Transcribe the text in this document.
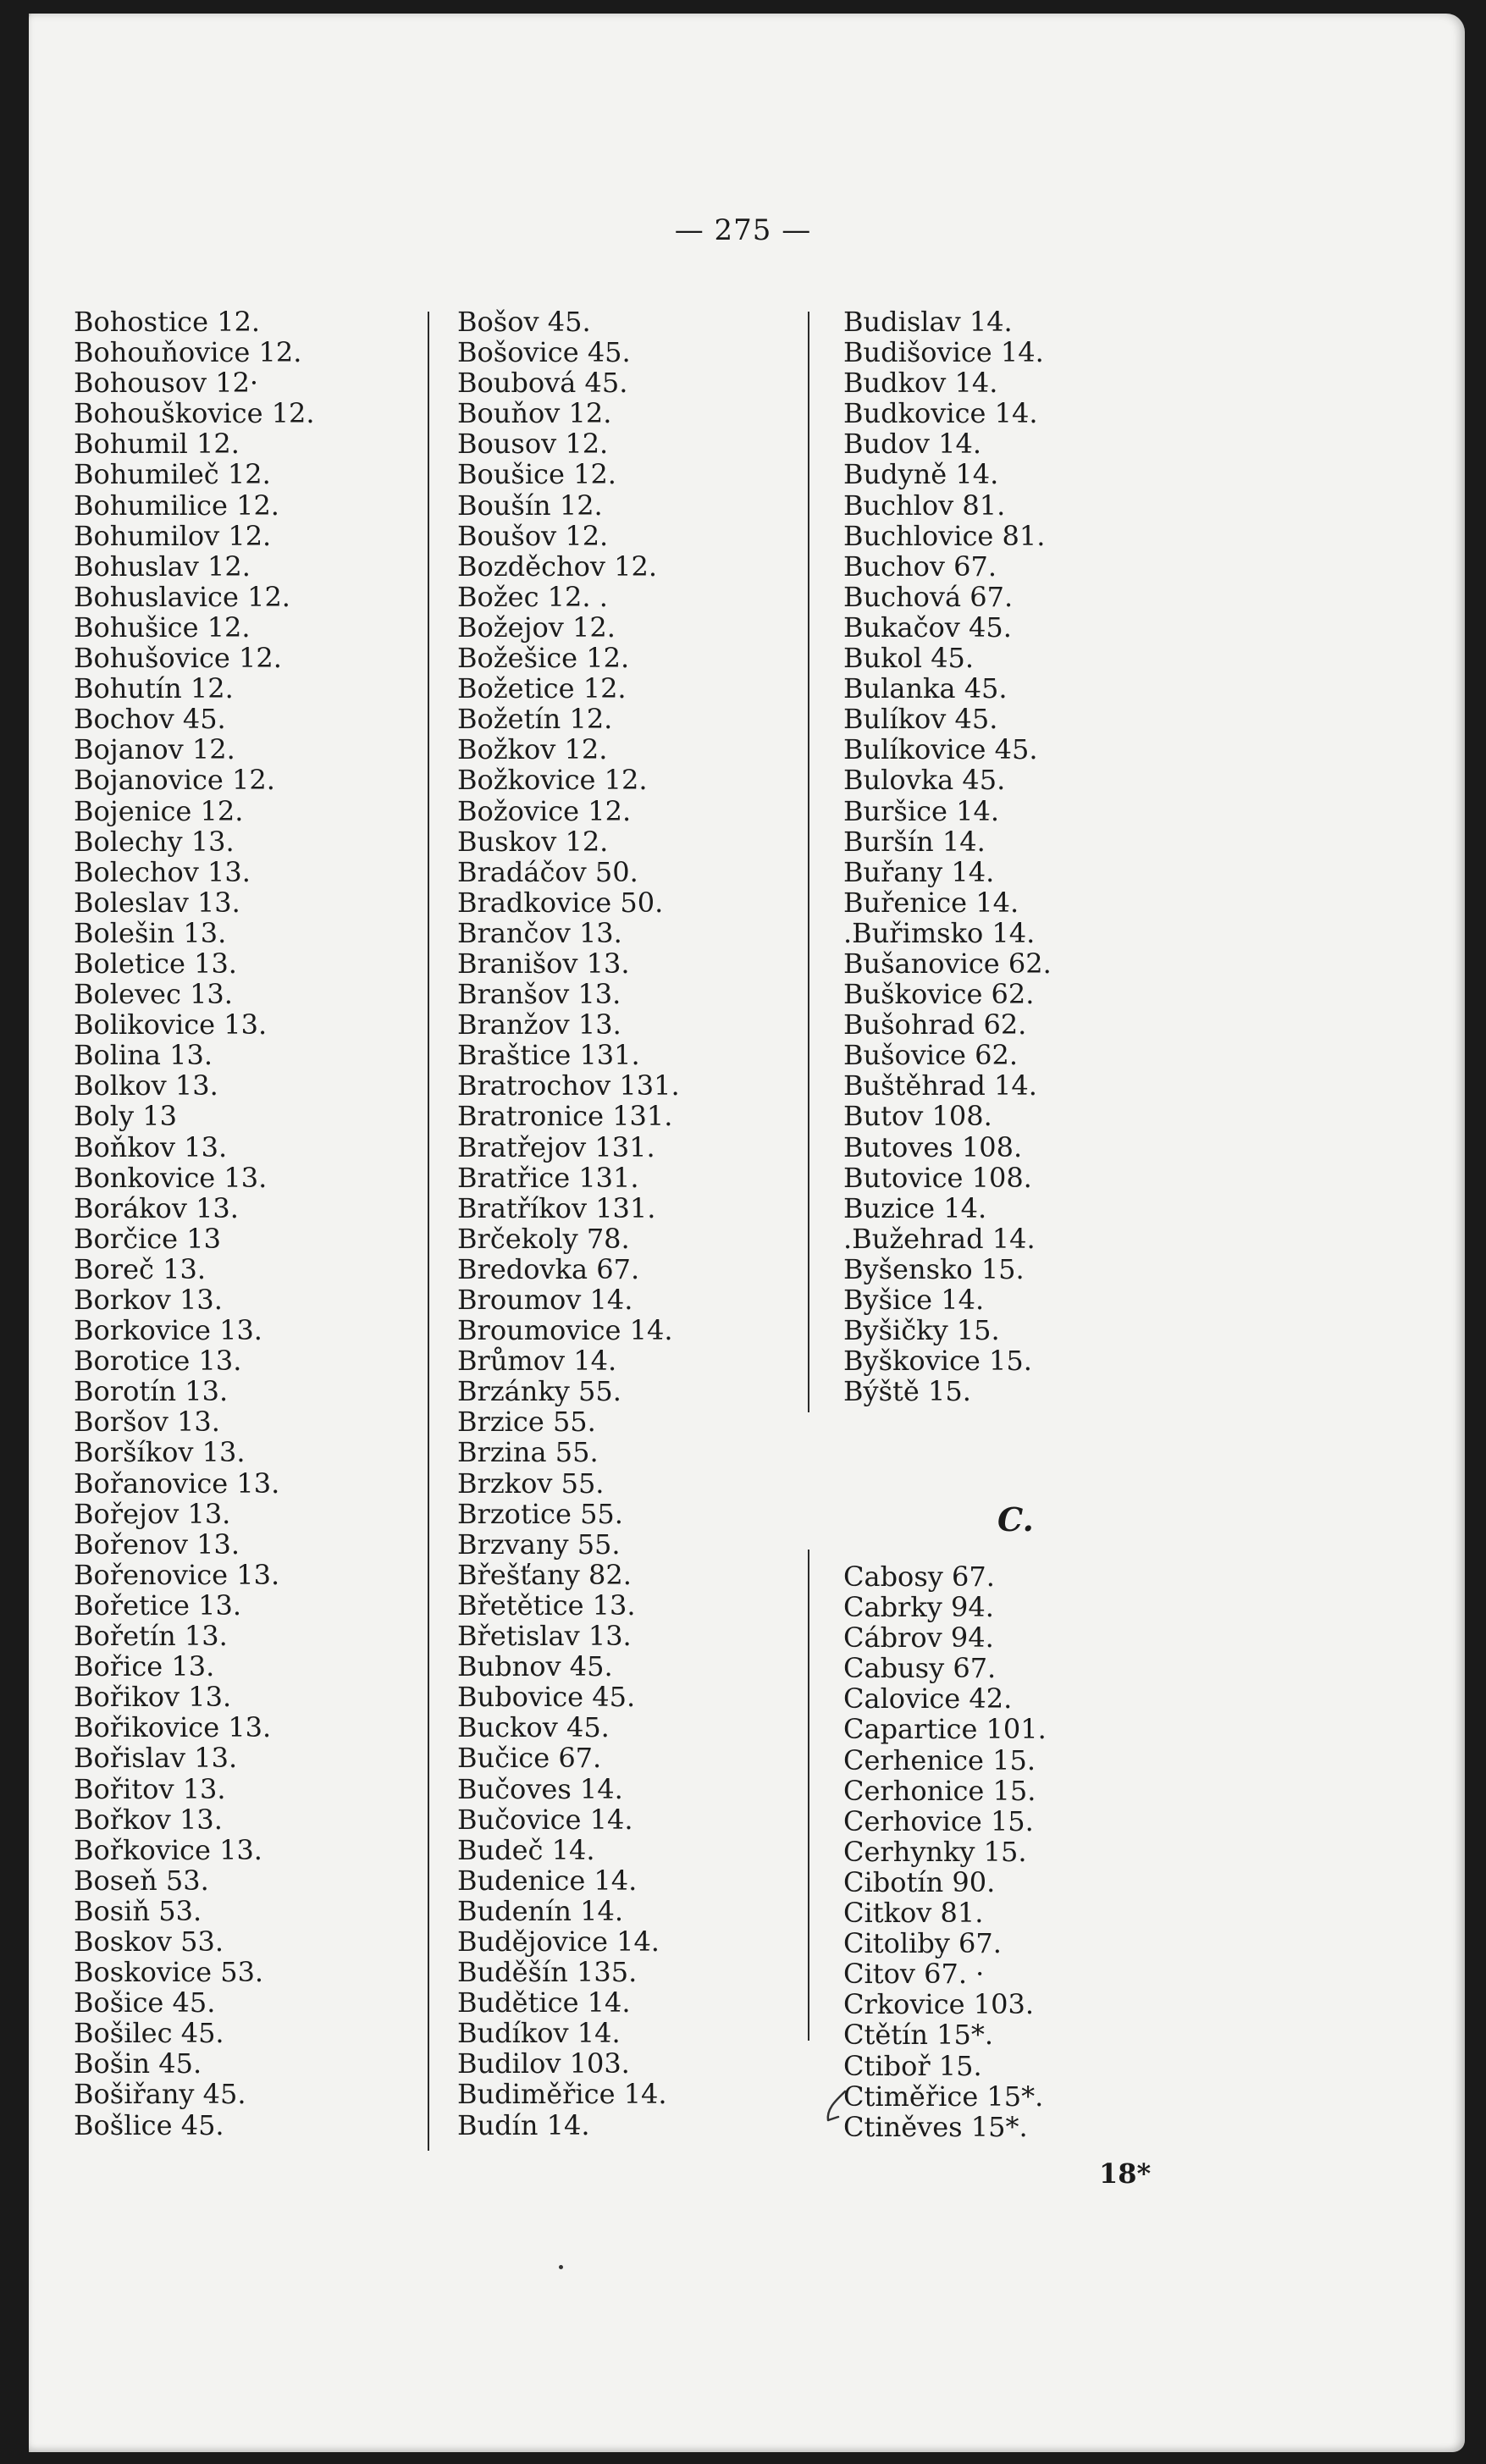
— 275 —
Bohostice 12.
Bohouňovice 12.
Bohousov 12·
Bohouškovice 12.
Bohumil 12.
Bohumileč 12.
Bohumilice 12.
Bohumilov 12.
Bohuslav 12.
Bohuslavice 12.
Bohušice 12.
Bohušovice 12.
Bohutín 12.
Bochov 45.
Bojanov 12.
Bojanovice 12.
Bojenice 12.
Bolechy 13.
Bolechov 13.
Boleslav 13.
Bolešin 13.
Boletice 13.
Bolevec 13.
Bolikovice 13.
Bolina 13.
Bolkov 13.
Boly 13
Boňkov 13.
Bonkovice 13.
Borákov 13.
Borčice 13
Boreč 13.
Borkov 13.
Borkovice 13.
Borotice 13.
Borotín 13.
Boršov 13.
Boršíkov 13.
Bořanovice 13.
Bořejov 13.
Bořenov 13.
Bořenovice 13.
Bořetice 13.
Bořetín 13.
Bořice 13.
Bořikov 13.
Bořikovice 13.
Bořislav 13.
Bořitov 13.
Bořkov 13.
Bořkovice 13.
Boseň 53.
Bosiň 53.
Boskov 53.
Boskovice 53.
Bošice 45.
Bošilec 45.
Bošin 45.
Bošiřany 45.
Bošlice 45.
Bošov 45.
Bošovice 45.
Boubová 45.
Bouňov 12.
Bousov 12.
Boušice 12.
Boušín 12.
Boušov 12.
Bozděchov 12.
Božec 12. .
Božejov 12.
Božešice 12.
Božetice 12.
Božetín 12.
Božkov 12.
Božkovice 12.
Božovice 12.
Buskov 12.
Bradáčov 50.
Bradkovice 50.
Brančov 13.
Branišov 13.
Branšov 13.
Branžov 13.
Braštice 131.
Bratrochov 131.
Bratronice 131.
Bratřejov 131.
Bratřice 131.
Bratříkov 131.
Brčekoly 78.
Bredovka 67.
Broumov 14.
Broumovice 14.
Brůmov 14.
Brzánky 55.
Brzice 55.
Brzina 55.
Brzkov 55.
Brzotice 55.
Brzvany 55.
Břešťany 82.
Břetětice 13.
Břetislav 13.
Bubnov 45.
Bubovice 45.
Buckov 45.
Bučice 67.
Bučoves 14.
Bučovice 14.
Budeč 14.
Budenice 14.
Budenín 14.
Budějovice 14.
Buděšín 135.
Budětice 14.
Budíkov 14.
Budilov 103.
Budiměřice 14.
Budín 14.
Budislav 14.
Budišovice 14.
Budkov 14.
Budkovice 14.
Budov 14.
Budyně 14.
Buchlov 81.
Buchlovice 81.
Buchov 67.
Buchová 67.
Bukačov 45.
Bukol 45.
Bulanka 45.
Bulíkov 45.
Bulíkovice 45.
Bulovka 45.
Buršice 14.
Buršín 14.
Buřany 14.
Buřenice 14.
.Buřimsko 14.
Bušanovice 62.
Buškovice 62.
Bušohrad 62.
Bušovice 62.
Buštěhrad 14.
Butov 108.
Butoves 108.
Butovice 108.
Buzice 14.
.Bužehrad 14.
Byšensko 15.
Byšice 14.
Byšičky 15.
Byškovice 15.
Býště 15.
C.
Cabosy 67.
Cabrky 94.
Cábrov 94.
Cabusy 67.
Calovice 42.
Capartice 101.
Cerhenice 15.
Cerhonice 15.
Cerhovice 15.
Cerhynky 15.
Cibotín 90.
Citkov 81.
Citoliby 67.
Citov 67. ·
Crkovice 103.
Ctětín 15*.
Ctiboř 15.
Ctiměřice 15*.
Ctiněves 15*.
18*
